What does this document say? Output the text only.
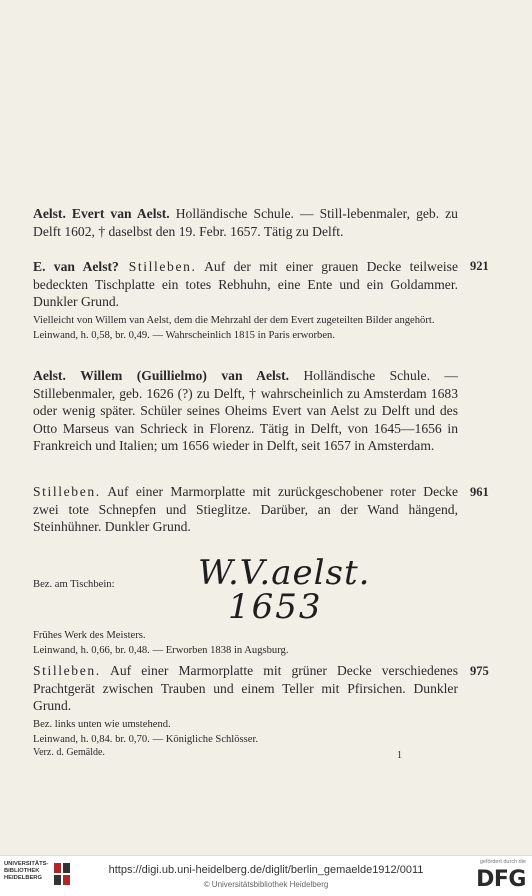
Aelst. Evert van Aelst. Holländische Schule. — Still-lebenmaler, geb. zu Delft 1602, † daselbst den 19. Febr. 1657. Tätig zu Delft.

E. van Aelst? Stilleben. Auf der mit einer grauen Decke teilweise bedeckten Tischplatte ein totes Rebhuhn, eine Ente und ein Goldammer. Dunkler Grund.

Vielleicht von Willem van Aelst, dem die Mehrzahl der dem Evert zugeteilten Bilder angehört.

Leinwand, h. 0,58, br. 0,49. — Wahrscheinlich 1815 in Paris erworben.

921

Aelst. Willem (Guillielmo) van Aelst. Holländische Schule. — Stillebenmaler, geb. 1626 (?) zu Delft, † wahrscheinlich zu Amsterdam 1683 oder wenig später. Schüler seines Oheims Evert van Aelst zu Delft und des Otto Marseus van Schrieck in Florenz. Tätig in Delft, von 1645—1656 in Frankreich und Italien; um 1656 wieder in Delft, seit 1657 in Amsterdam.

Stilleben. Auf einer Marmorplatte mit zurückgeschobener roter Decke zwei tote Schnepfen und Stieglitze. Darüber, an der Wand hängend, Steinhühner. Dunkler Grund.

961
Bez. am Tischbein: W.V.aelst.
1653

Frühes Werk des Meisters.

Leinwand, h. 0,66, br. 0,48. — Erworben 1838 in Augsburg.

Stilleben. Auf einer Marmorplatte mit grüner Decke verschiedenes Prachtgerät zwischen Trauben und einem Teller mit Pfirsichen. Dunkler Grund.

Bez. links unten wie umstehend.

Leinwand, h. 0,84. br. 0,70. — Königliche Schlösser.

975
Verz. d. Gemälde.	1
UNIVERSITÄTS-
BIBLIOTHEK
HEIDELBERG
https://digi.ub.uni-heidelberg.de/diglit/berlin_gemaelde1912/0011
© Universitätsbibliothek Heidelberg
gefördert durch die
DFG
